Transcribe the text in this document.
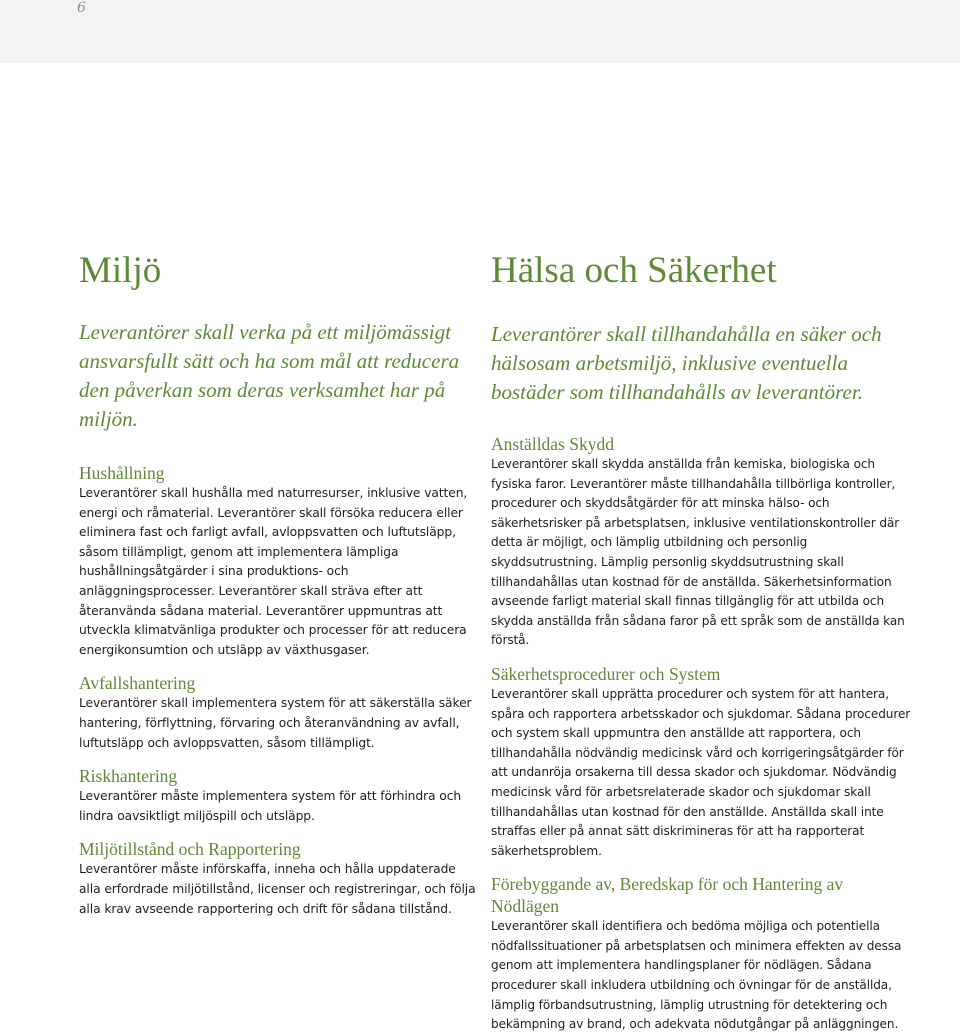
6
Miljö

Leverantörer skall verka på ett miljömässigt ansvarsfullt sätt och ha som mål att reducera den påverkan som deras verksamhet har på miljön.

Hushållning

Leverantörer skall hushålla med naturresurser, inklusive vatten, energi och råmaterial. Leverantörer skall försöka reducera eller eliminera fast och farligt avfall, avloppsvatten och luftutsläpp, såsom tillämpligt, genom att implementera lämpliga hushållningsåtgärder i sina produktions- och anläggningsprocesser. Leverantörer skall sträva efter att återanvända sådana material. Leverantörer uppmuntras att utveckla klimatvänliga produkter och processer för att reducera energikonsumtion och utsläpp av växthusgaser.

Avfallshantering

Leverantörer skall implementera system för att säkerställa säker hantering, förflyttning, förvaring och återanvändning av avfall, luftutsläpp och avloppsvatten, såsom tillämpligt.

Riskhantering

Leverantörer måste implementera system för att förhindra och lindra oavsiktligt miljöspill och utsläpp.

Miljötillstånd och Rapportering

Leverantörer måste införskaffa, inneha och hålla uppdaterade alla erfordrade miljötillstånd, licenser och registreringar, och följa alla krav avseende rapportering och drift för sådana tillstånd.

Hälsa och Säkerhet

Leverantörer skall tillhandahålla en säker och hälsosam arbetsmiljö, inklusive eventuella bostäder som tillhandahålls av leverantörer.

Anställdas Skydd

Leverantörer skall skydda anställda från kemiska, biologiska och fysiska faror. Leverantörer måste tillhandahålla tillbörliga kontroller, procedurer och skyddsåtgärder för att minska hälso- och säkerhetsrisker på arbetsplatsen, inklusive ventilationskontroller där detta är möjligt, och lämplig utbildning och personlig skyddsutrustning. Lämplig personlig skyddsutrustning skall tillhandahållas utan kostnad för de anställda. Säkerhetsinformation avseende farligt material skall finnas tillgänglig för att utbilda och skydda anställda från sådana faror på ett språk som de anställda kan förstå.

Säkerhetsprocedurer och System

Leverantörer skall upprätta procedurer och system för att hantera, spåra och rapportera arbetsskador och sjukdomar. Sådana procedurer och system skall uppmuntra den anställde att rapportera, och tillhandahålla nödvändig medicinsk vård och korrigeringsåtgärder för att undanröja orsakerna till dessa skador och sjukdomar. Nödvändig medicinsk vård för arbetsrelaterade skador och sjukdomar skall tillhandahållas utan kostnad för den anställde. Anställda skall inte straffas eller på annat sätt diskrimineras för att ha rapporterat säkerhetsproblem.

Förebyggande av, Beredskap för och Hantering av Nödlägen

Leverantörer skall identifiera och bedöma möjliga och potentiella nödfallssituationer på arbetsplatsen och minimera effekten av dessa genom att implementera handlingsplaner för nödlägen. Sådana procedurer skall inkludera utbildning och övningar för de anställda, lämplig förbandsutrustning, lämplig utrustning för detektering och bekämpning av brand, och adekvata nödutgångar på anläggningen.
